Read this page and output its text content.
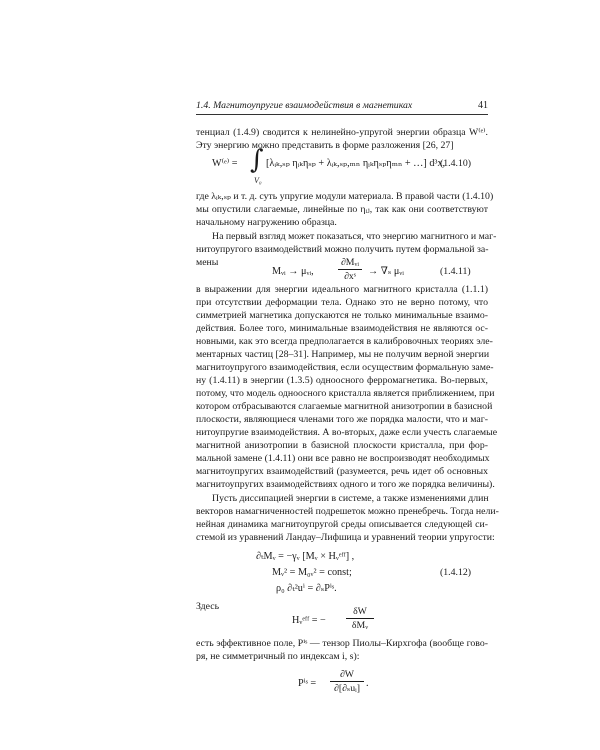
1.4. Магнитоупругие взаимодействия в магнетиках	41
тенциал (1.4.9) сводится к нелинейно-упругой энергии образца W⁽ᵉ⁾.
Эту энергию можно представить в форме разложения [26, 27]
W⁽ᵉ⁾ = ∫
V₀
[λᵢₖ,ₛₚ ηᵢₖηₛₚ + λᵢₖ,ₛₚ,ₘₙ ηᵢₖηₛₚηₘₙ + …] d³x,
(1.4.10)
где λᵢₖ,ₛₚ и т. д. суть упругие модули материала. В правой части (1.4.10)
мы опустили слагаемые, линейные по ηᵢⱼ, так как они соответствуют
начальному нагружению образца.
На первый взгляд может показаться, что энергию магнитного и маг-
нитоупругого взаимодействий можно получить путем формальной за-
мены
Mᵥᵢ → μᵥᵢ,
∂Mᵥᵢ
∂xˢ	→ ∇ₛ μᵥᵢ	(1.4.11)
в выражении для энергии идеального магнитного кристалла (1.1.1)
при отсутствии деформации тела. Однако это не верно потому, что
симметрией магнетика допускаются не только минимальные взаимо-
действия. Более того, минимальные взаимодействия не являются ос-
новными, как это всегда предполагается в калибровочных теориях эле-
ментарных частиц [28–31]. Например, мы не получим верной энергии
магнитоупругого взаимодействия, если осуществим формальную заме-
ну (1.4.11) в энергии (1.3.5) одноосного ферромагнетика. Во-первых,
потому, что модель одноосного кристалла является приближением, при
котором отбрасываются слагаемые магнитной анизотропии в базисной
плоскости, являющиеся членами того же порядка малости, что и маг-
нитоупругие взаимодействия. А во-вторых, даже если учесть слагаемые
магнитной анизотропии в базисной плоскости кристалла, при фор-
мальной замене (1.4.11) они все равно не воспроизводят необходимых
магнитоупругих взаимодействий (разумеется, речь идет об основных
магнитоупругих взаимодействиях одного и того же порядка величины).
Пусть диссипацией энергии в системе, а также изменениями длин
векторов намагниченностей подрешеток можно пренебречь. Тогда нели-
нейная динамика магнитоупругой среды описывается следующей си-
стемой из уравнений Ландау–Лифшица и уравнений теории упругости:
∂ₜMᵥ = −γᵥ [Mᵥ × Hᵥᵉᶠᶠ] ,
Mᵥ² = M₀ᵥ² = const;
ρ₀ ∂ₜ²uⁱ = ∂ₛPⁱˢ.
(1.4.12)
Здесь
Hᵥᵉᶠᶠ = −
δW
δMᵥ
есть эффективное поле, Pⁱˢ — тензор Пиолы–Кирхгофа (вообще гово-
ря, не симметричный по индексам i, s):
Pⁱˢ =
∂W
∂[∂ₛuᵢ] .
